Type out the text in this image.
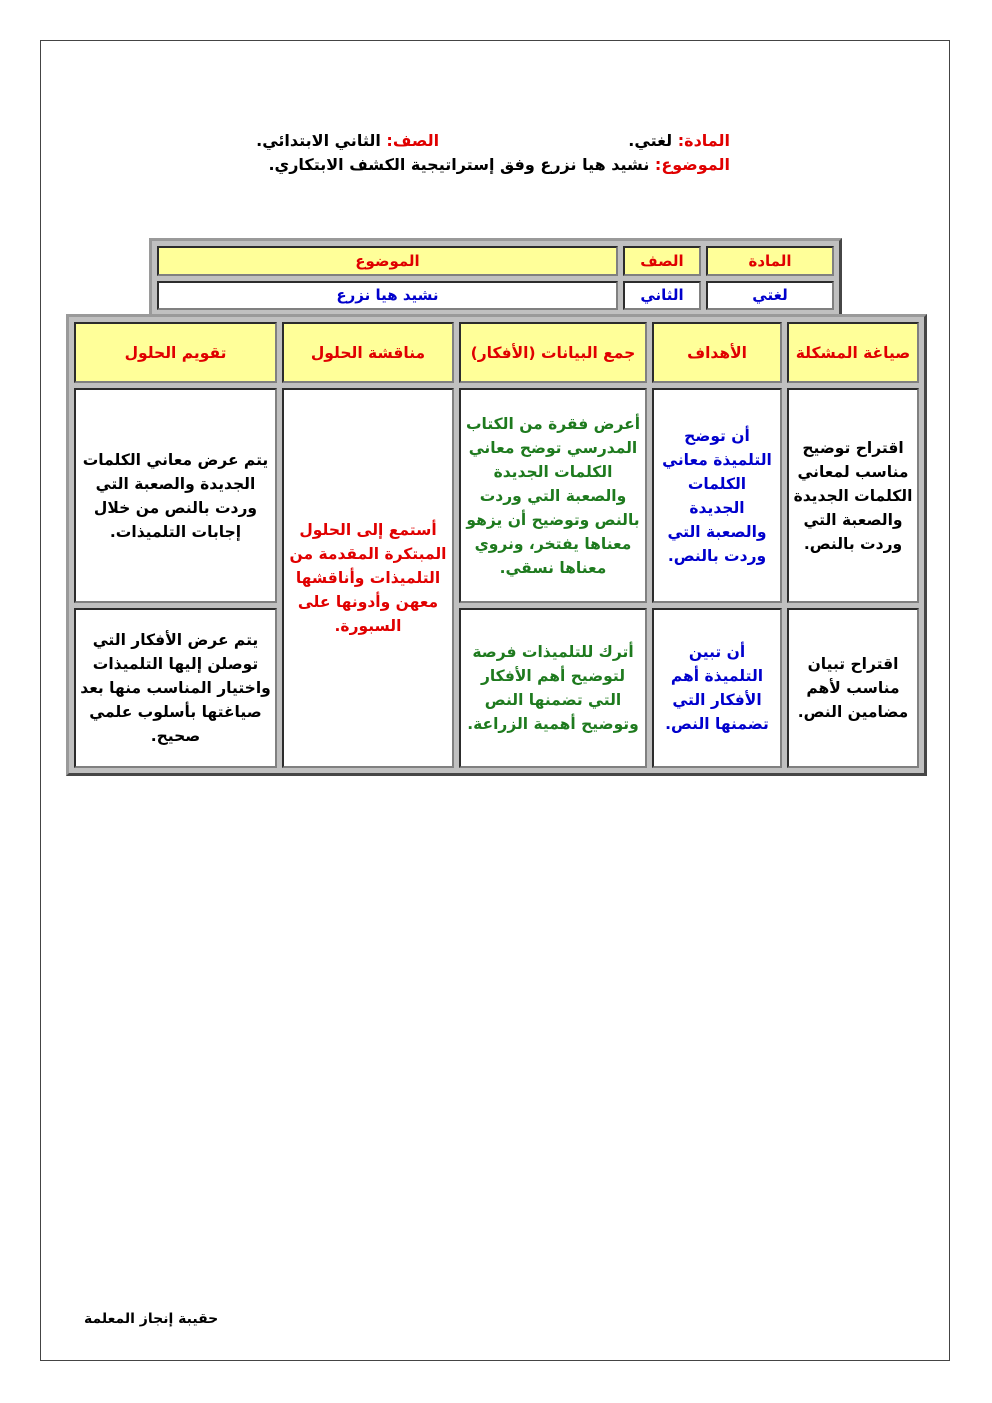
المادة: لغتي.  الصف: الثاني الابتدائي.
الموضوع: نشيد هيا نزرع وفق إستراتيجية الكشف الابتكاري.
المادة	الصف	الموضوع
لغتي	الثاني	نشيد هيا نزرع
صياغة المشكلة	الأهداف	جمع البيانات (الأفكار)	مناقشة الحلول	تقويم الحلول
اقتراح توضيح مناسب لمعاني الكلمات الجديدة والصعبة التي وردت بالنص.	أن توضح التلميذة معاني الكلمات الجديدة والصعبة التي وردت بالنص.	أعرض فقرة من الكتاب المدرسي توضح معاني الكلمات الجديدة والصعبة التي وردت بالنص وتوضيح أن يزهو معناها يفتخر، ونروي معناها نسقي.	أستمع إلى الحلول المبتكرة المقدمة من التلميذات وأناقشها معهن وأدونها على السبورة.	يتم عرض معاني الكلمات الجديدة والصعبة التي وردت بالنص من خلال إجابات التلميذات.
اقتراح تبيان مناسب لأهم مضامين النص.	أن تبين التلميذة أهم الأفكار التي تضمنها النص.	أترك للتلميذات فرصة لتوضيح أهم الأفكار التي تضمنها النص وتوضيح أهمية الزراعة.		يتم عرض الأفكار التي توصلن إليها التلميذات واختيار المناسب منها بعد صياغتها بأسلوب علمي صحيح.
حقيبة إنجاز المعلمة
